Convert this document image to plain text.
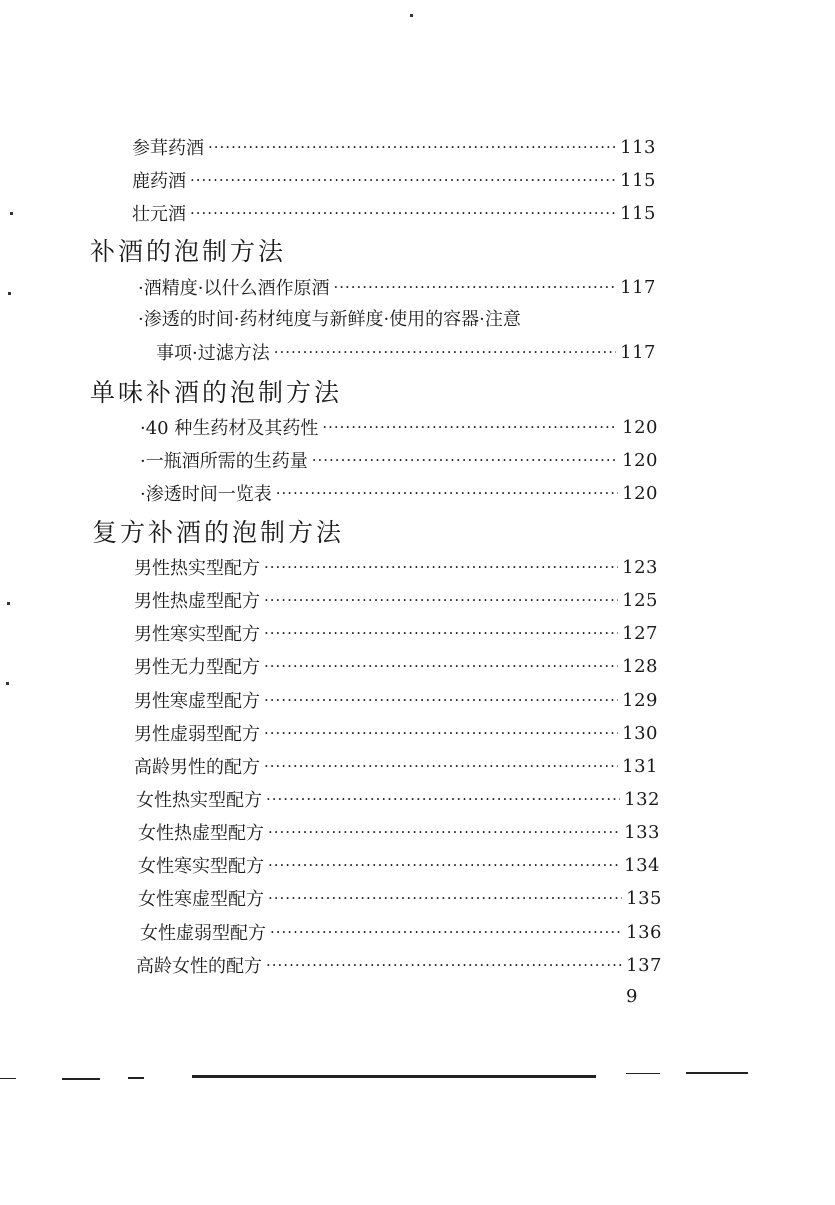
参茸药酒 ·····	113
鹿药酒 ·····	115
壮元酒 ·····	115
补酒的泡制方法
·酒精度·以什么酒作原酒 ·····	117
·渗透的时间·药材纯度与新鲜度·使用的容器·注意
事项·过滤方法 ·····	117
单味补酒的泡制方法
·40 种生药材及其药性 ·····	120
·一瓶酒所需的生药量 ·····	120
·渗透时间一览表 ·····	120
复方补酒的泡制方法
男性热实型配方 ·····	123
男性热虚型配方 ·····	125
男性寒实型配方 ·····	127
男性无力型配方 ·····	128
男性寒虚型配方 ·····	129
男性虚弱型配方 ·····	130
高龄男性的配方 ·····	131
女性热实型配方 ·····	132
女性热虚型配方 ·····	133
女性寒实型配方 ·····	134
女性寒虚型配方 ·····	135
女性虚弱型配方 ·····	136
高龄女性的配方 ·····	137
9
